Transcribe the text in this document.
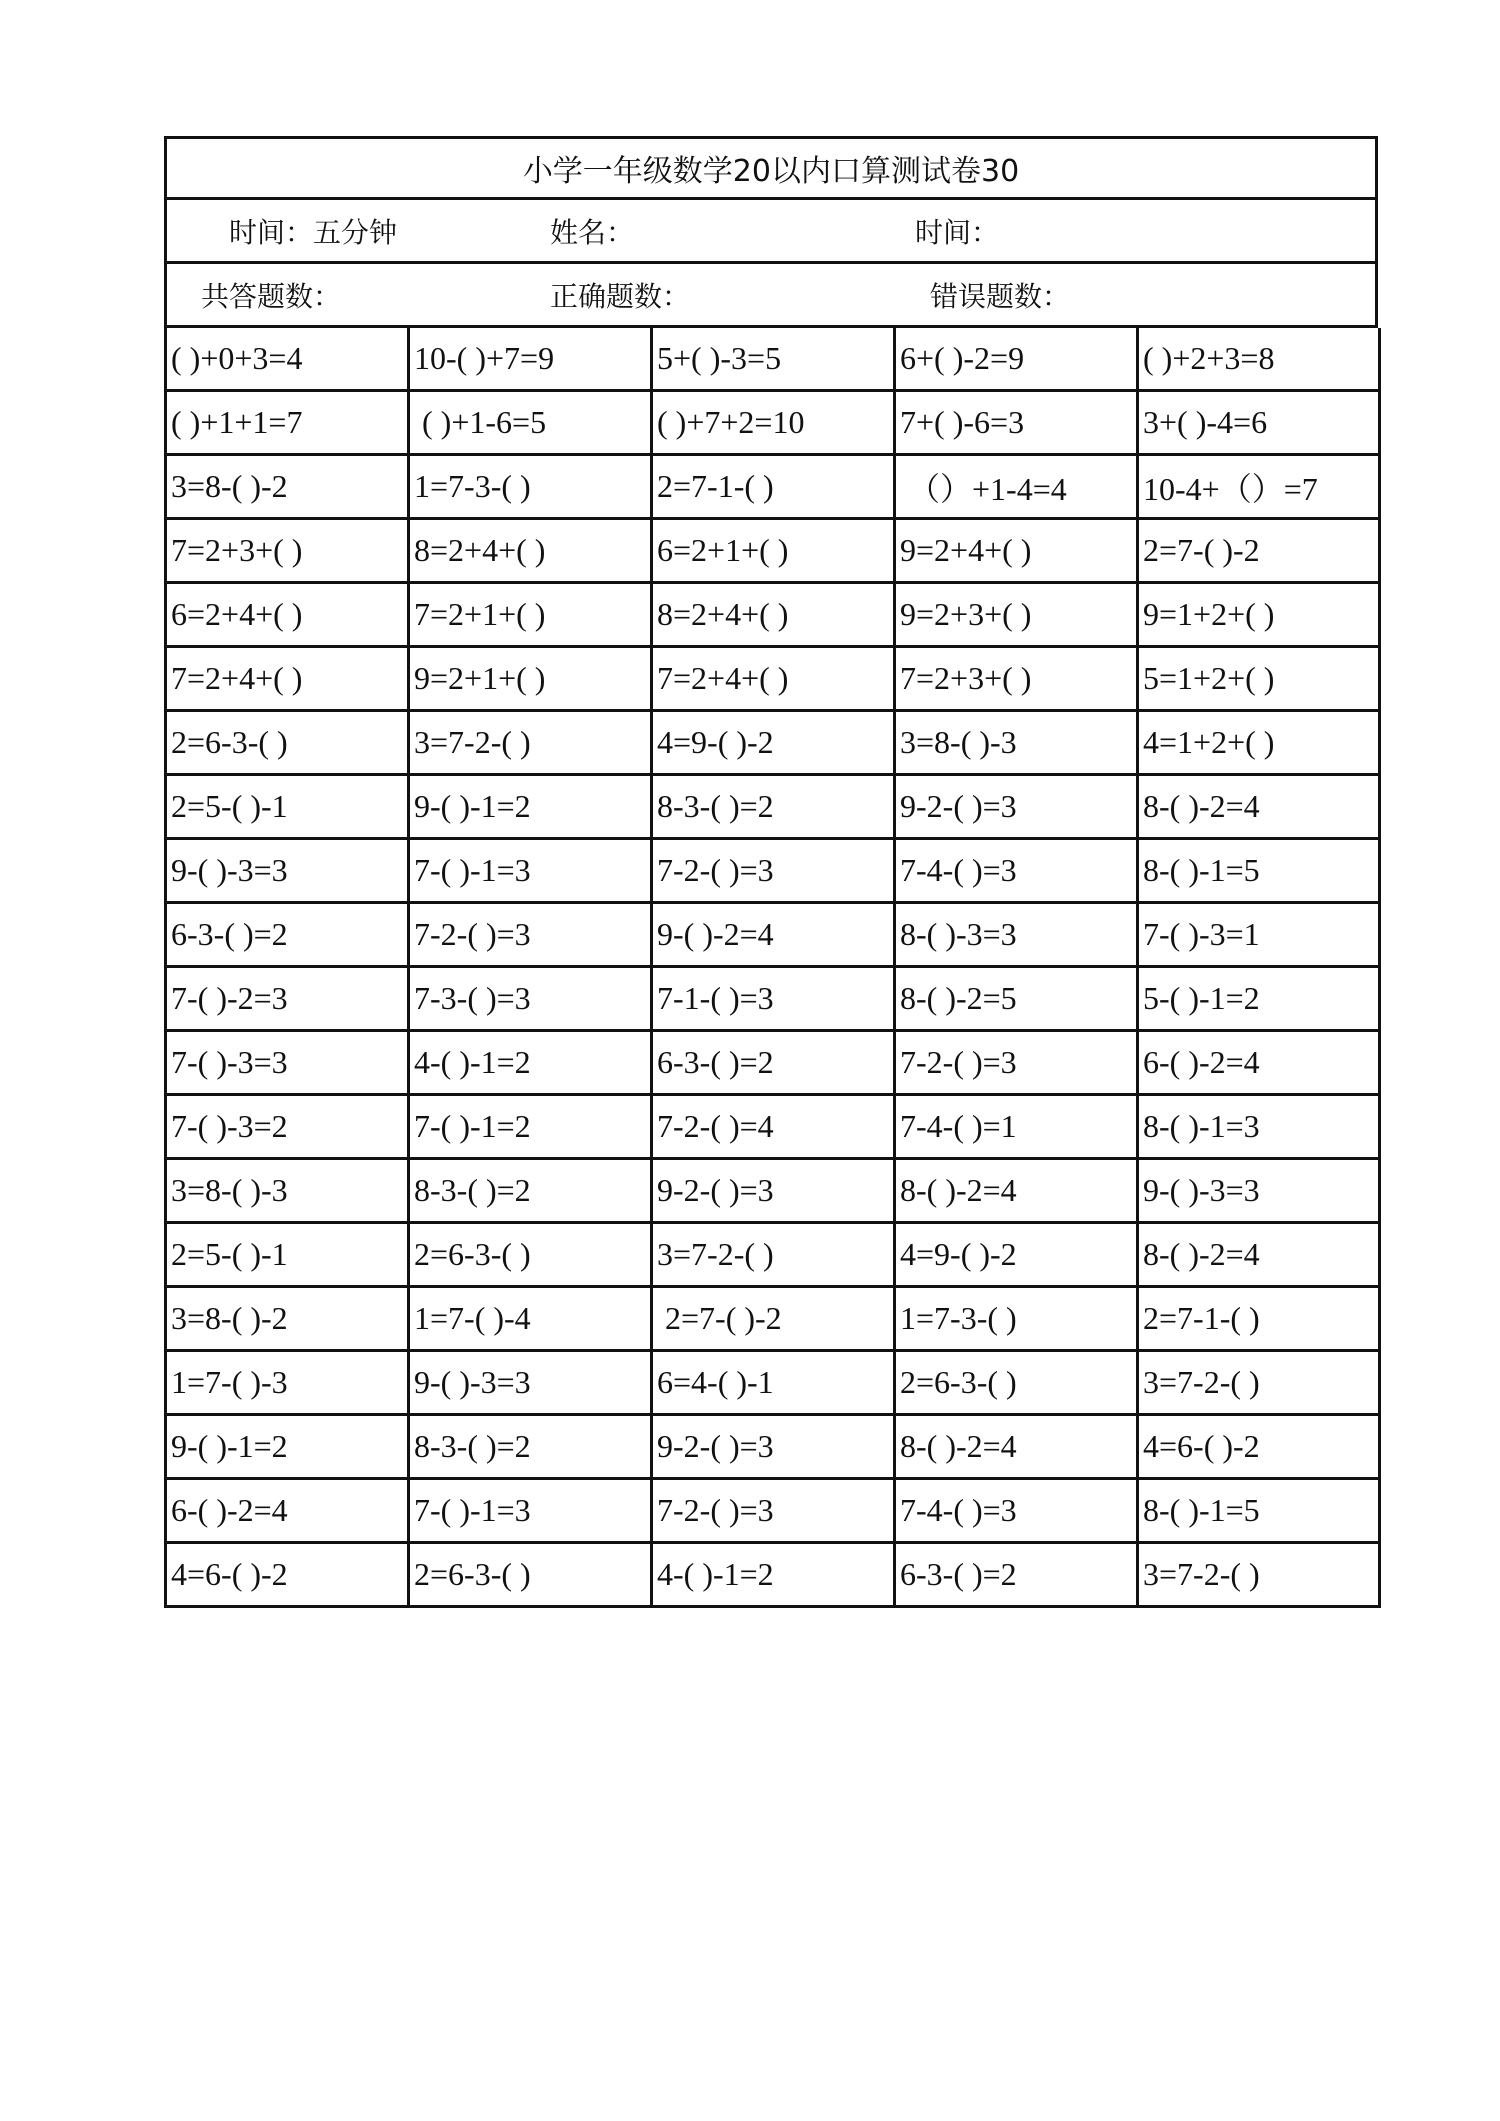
小学一年级数学20以内口算测试卷30
时间：五分钟	姓名：	时间：
共答题数：	正确题数：	错误题数：
( )+0+3=4	10-( )+7=9	5+( )-3=5	6+( )-2=9	( )+2+3=8
( )+1+1=7	( )+1-6=5	( )+7+2=10	7+( )-6=3	3+( )-4=6
3=8-( )-2	1=7-3-( )	2=7-1-( )	（）+1-4=4	10-4+（）=7
7=2+3+( )	8=2+4+( )	6=2+1+( )	9=2+4+( )	2=7-( )-2
6=2+4+( )	7=2+1+( )	8=2+4+( )	9=2+3+( )	9=1+2+( )
7=2+4+( )	9=2+1+( )	7=2+4+( )	7=2+3+( )	5=1+2+( )
2=6-3-( )	3=7-2-( )	4=9-( )-2	3=8-( )-3	4=1+2+( )
2=5-( )-1	9-( )-1=2	8-3-( )=2	9-2-( )=3	8-( )-2=4
9-( )-3=3	7-( )-1=3	7-2-( )=3	7-4-( )=3	8-( )-1=5
6-3-( )=2	7-2-( )=3	9-( )-2=4	8-( )-3=3	7-( )-3=1
7-( )-2=3	7-3-( )=3	7-1-( )=3	8-( )-2=5	5-( )-1=2
7-( )-3=3	4-( )-1=2	6-3-( )=2	7-2-( )=3	6-( )-2=4
7-( )-3=2	7-( )-1=2	7-2-( )=4	7-4-( )=1	8-( )-1=3
3=8-( )-3	8-3-( )=2	9-2-( )=3	8-( )-2=4	9-( )-3=3
2=5-( )-1	2=6-3-( )	3=7-2-( )	4=9-( )-2	8-( )-2=4
3=8-( )-2	1=7-( )-4	2=7-( )-2	1=7-3-( )	2=7-1-( )
1=7-( )-3	9-( )-3=3	6=4-( )-1	2=6-3-( )	3=7-2-( )
9-( )-1=2	8-3-( )=2	9-2-( )=3	8-( )-2=4	4=6-( )-2
6-( )-2=4	7-( )-1=3	7-2-( )=3	7-4-( )=3	8-( )-1=5
4=6-( )-2	2=6-3-( )	4-( )-1=2	6-3-( )=2	3=7-2-( )
